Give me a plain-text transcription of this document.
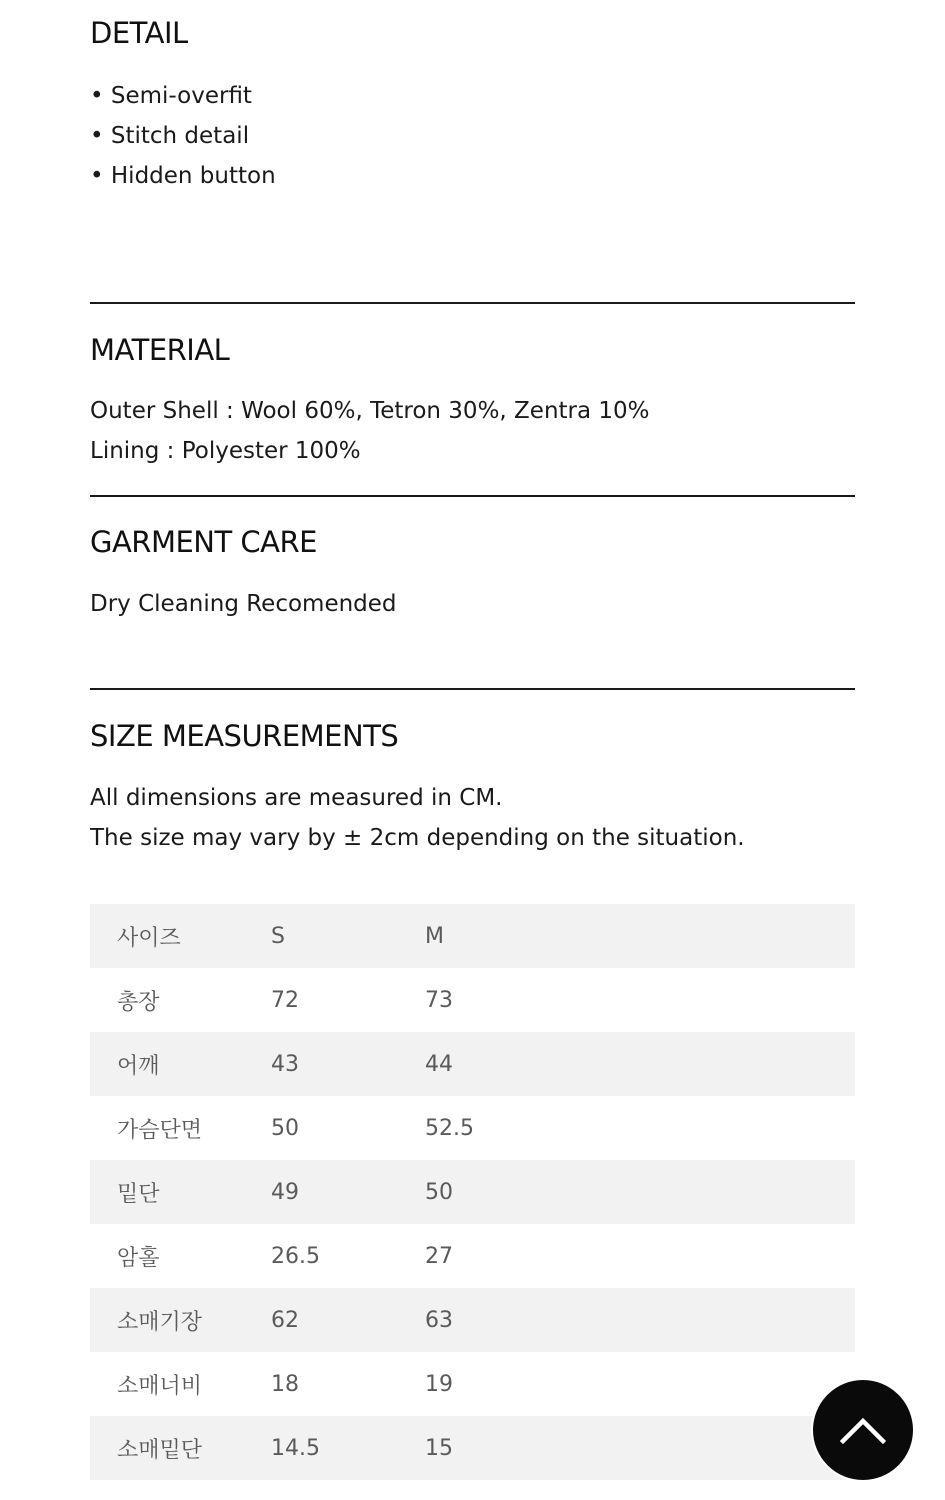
DETAIL
• Semi-overfit
• Stitch detail
• Hidden button
MATERIAL
Outer Shell : Wool 60%, Tetron 30%, Zentra 10%
Lining : Polyester 100%
GARMENT CARE
Dry Cleaning Recomended
SIZE MEASUREMENTS
All dimensions are measured in CM.
The size may vary by ± 2cm depending on the situation.
사이즈	S	M
총장	72	73
어깨	43	44
가슴단면	50	52.5
밑단	49	50
암홀	26.5	27
소매기장	62	63
소매너비	18	19
소매밑단	14.5	15
